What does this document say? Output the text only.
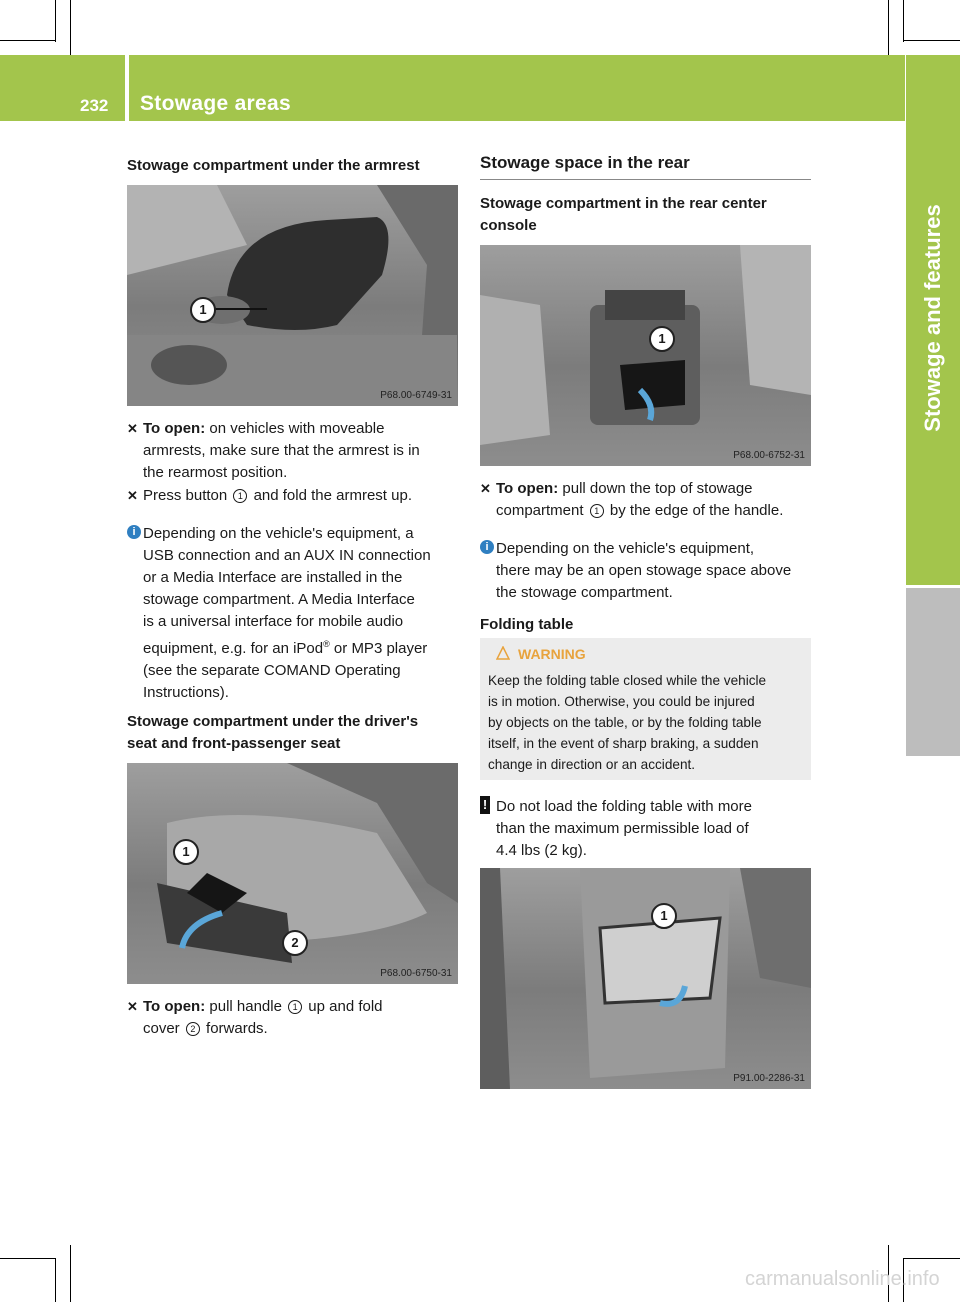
232 Stowage areas
Stowage and features
Stowage compartment under the armrest
1
P68.00-6749-31
✕ To open: on vehicles with moveable
armrests, make sure that the armrest is in
the rearmost position.
✕ Press button 1 and fold the armrest up.
i Depending on the vehicle's equipment, a
USB connection and an AUX IN connection
or a Media Interface are installed in the
stowage compartment. A Media Interface
is a universal interface for mobile audio
equipment, e.g. for an iPod® or MP3 player
(see the separate COMAND Operating
Instructions).
Stowage compartment under the driver's
seat and front-passenger seat
1
2
P68.00-6750-31
✕ To open: pull handle 1 up and fold
cover 2 forwards.
Stowage space in the rear
Stowage compartment in the rear center
console
1
P68.00-6752-31
✕ To open: pull down the top of stowage
compartment 1 by the edge of the handle.
i Depending on the vehicle's equipment,
there may be an open stowage space above
the stowage compartment.
Folding table
WARNING
Keep the folding table closed while the vehicle
is in motion. Otherwise, you could be injured
by objects on the table, or by the folding table
itself, in the event of sharp braking, a sudden
change in direction or an accident.
! Do not load the folding table with more
than the maximum permissible load of
4.4 lbs (2 kg).
1
P91.00-2286-31
carmanualsonline.info
